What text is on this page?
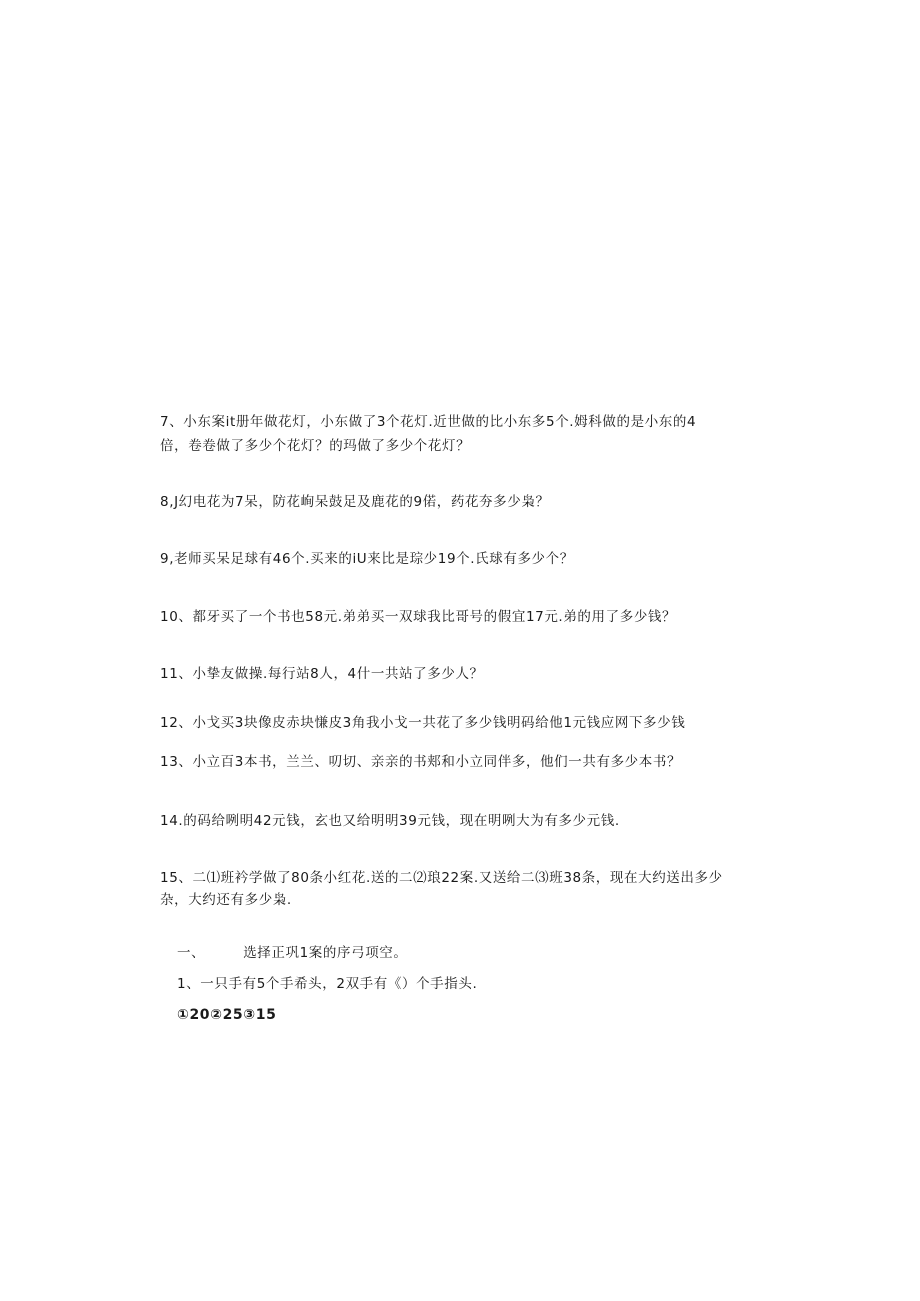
7、小东案it册年做花灯，小东做了3个花灯.近世做的比小东多5个.姆科做的是小东的4
倍，卷卷做了多少个花灯？的玛做了多少个花灯？
8,J幻电花为7呆，防花峋呆鼓足及鹿花的9偌，药花夯多少枭？
9,老师买呆足球有46个.买来的iU来比是琮少19个.氏球有多少个？
10、都牙买了一个书也58元.弟弟买一双球我比哥号的假宜17元.弟的用了多少钱？
11、小挚友做操.每行站8人，4什一共站了多少人？
12、小戈买3块像皮赤块慊皮3角我小戈一共花了多少钱明码给他1元钱应网下多少钱
13、小立百3本书，兰兰、叨切、亲亲的书郏和小立同伴多，他们一共有多少本书？
14.的码给咧明42元钱，玄也又给明明39元钱，现在明咧大为有多少元钱.
15、二⑴班衿学做了80条小红花.送的二⑵琅22案.又送给二⑶班38条，现在大约送出多少
杂，大约还有多少枭.
一、	选择正巩1案的序弓项空。
1、一只手有5个手希头，2双手有《）个手指头.
①20②25③15
